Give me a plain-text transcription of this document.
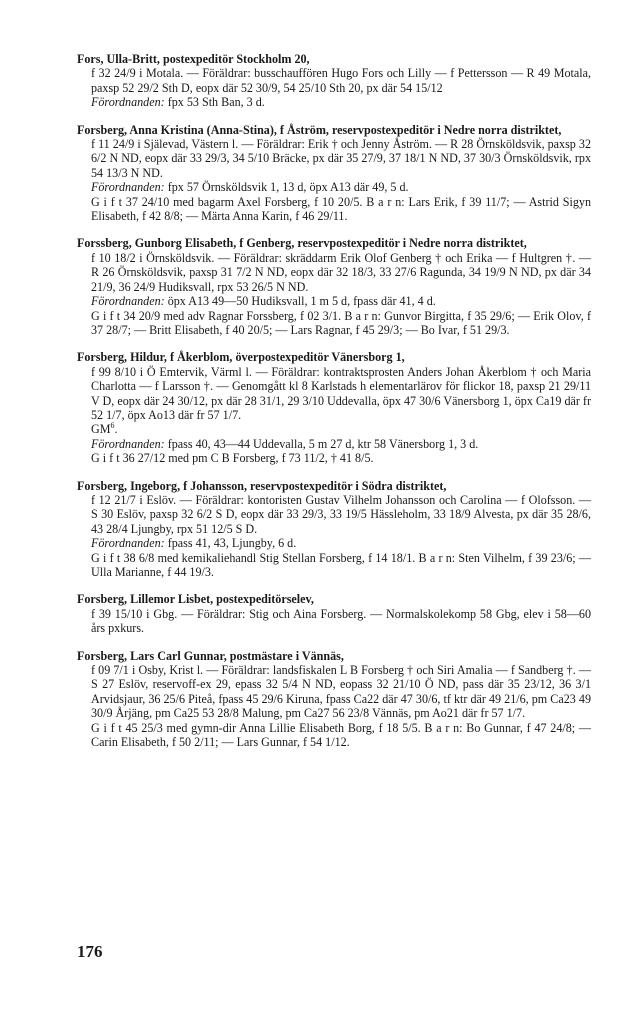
Fors, Ulla-Britt, postexpeditör Stockholm 20,

f 32 24/9 i Motala. — Föräldrar: busschauffören Hugo Fors och Lilly — f Pettersson — R 49 Motala, paxsp 52 29/2 Sth D, eopx där 52 30/9, 54 25/10 Sth 20, px där 54 15/12

Förordnanden: fpx 53 Sth Ban, 3 d.

Forsberg, Anna Kristina (Anna-Stina), f Åström, reservpostexpeditör i Nedre norra distriktet,

f 11 24/9 i Själevad, Västern l. — Föräldrar: Erik † och Jenny Åström. — R 28 Örnsköldsvik, paxsp 32 6/2 N ND, eopx där 33 29/3, 34 5/10 Bräcke, px där 35 27/9, 37 18/1 N ND, 37 30/3 Örnsköldsvik, rpx 54 13/3 N ND.

Förordnanden: fpx 57 Örnsköldsvik 1, 13 d, öpx A13 där 49, 5 d.

G i f t 37 24/10 med bagarm Axel Forsberg, f 10 20/5. B a r n: Lars Erik, f 39 11/7; — Astrid Sigyn Elisabeth, f 42 8/8; — Märta Anna Karin, f 46 29/11.

Forssberg, Gunborg Elisabeth, f Genberg, reservpostexpeditör i Nedre norra distriktet,

f 10 18/2 i Örnsköldsvik. — Föräldrar: skräddarm Erik Olof Genberg † och Erika — f Hultgren †. — R 26 Örnsköldsvik, paxsp 31 7/2 N ND, eopx där 32 18/3, 33 27/6 Ragunda, 34 19/9 N ND, px där 34 21/9, 36 24/9 Hudiksvall, rpx 53 26/5 N ND.

Förordnanden: öpx A13 49—50 Hudiksvall, 1 m 5 d, fpass där 41, 4 d.

G i f t 34 20/9 med adv Ragnar Forssberg, f 02 3/1. B a r n: Gunvor Birgitta, f 35 29/6; — Erik Olov, f 37 28/7; — Britt Elisabeth, f 40 20/5; — Lars Ragnar, f 45 29/3; — Bo Ivar, f 51 29/3.

Forsberg, Hildur, f Åkerblom, överpostexpeditör Vänersborg 1,

f 99 8/10 i Ö Emtervik, Värml l. — Föräldrar: kontraktsprosten Anders Johan Åkerblom † och Maria Charlotta — f Larsson †. — Genomgått kl 8 Karlstads h elementarlärov för flickor 18, paxsp 21 29/11 V D, eopx där 24 30/12, px där 28 31/1, 29 3/10 Uddevalla, öpx 47 30/6 Vänersborg 1, öpx Ca19 där fr 52 1/7, öpx Ao13 där fr 57 1/7.

$GM^6$.

Förordnanden: fpass 40, 43—44 Uddevalla, 5 m 27 d, ktr 58 Vänersborg 1, 3 d.

G i f t 36 27/12 med pm C B Forsberg, f 73 11/2, † 41 8/5.

Forsberg, Ingeborg, f Johansson, reservpostexpeditör i Södra distriktet,

f 12 21/7 i Eslöv. — Föräldrar: kontoristen Gustav Vilhelm Johansson och Carolina — f Olofsson. — S 30 Eslöv, paxsp 32 6/2 S D, eopx där 33 29/3, 33 19/5 Hässleholm, 33 18/9 Alvesta, px där 35 28/6, 43 28/4 Ljungby, rpx 51 12/5 S D.

Förordnanden: fpass 41, 43, Ljungby, 6 d.

G i f t 38 6/8 med kemikaliehandl Stig Stellan Forsberg, f 14 18/1. B a r n: Sten Vilhelm, f 39 23/6; — Ulla Marianne, f 44 19/3.

Forsberg, Lillemor Lisbet, postexpeditörselev,

f 39 15/10 i Gbg. — Föräldrar: Stig och Aina Forsberg. — Normalskolekomp 58 Gbg, elev i 58—60 års pxkurs.

Forsberg, Lars Carl Gunnar, postmästare i Vännäs,

f 09 7/1 i Osby, Krist l. — Föräldrar: landsfiskalen L B Forsberg † och Siri Amalia — f Sandberg †. — S 27 Eslöv, reservoff-ex 29, epass 32 5/4 N ND, eopass 32 21/10 Ö ND, pass där 35 23/12, 36 3/1 Arvidsjaur, 36 25/6 Piteå, fpass 45 29/6 Kiruna, fpass Ca22 där 47 30/6, tf ktr där 49 21/6, pm Ca23 49 30/9 Årjäng, pm Ca25 53 28/8 Malung, pm Ca27 56 23/8 Vännäs, pm Ao21 där fr 57 1/7.

G i f t 45 25/3 med gymn-dir Anna Lillie Elisabeth Borg, f 18 5/5. B a r n: Bo Gunnar, f 47 24/8; — Carin Elisabeth, f 50 2/11; — Lars Gunnar, f 54 1/12.

176
